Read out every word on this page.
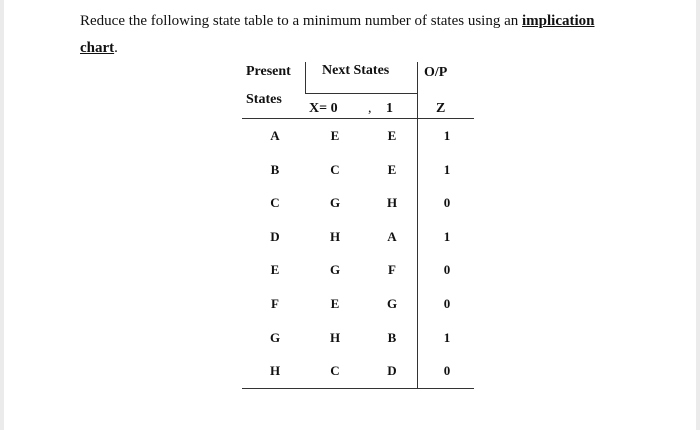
Reduce the following state table to a minimum number of states using an implication
chart.
Present
States
Next States O/P
X= 0 , 1	Z
A	E	E	1
B	C	E	1
C	G	H	0
D	H	A	1
E	G	F	0
F	E	G	0
G	H	B	1
H	C	D	0
